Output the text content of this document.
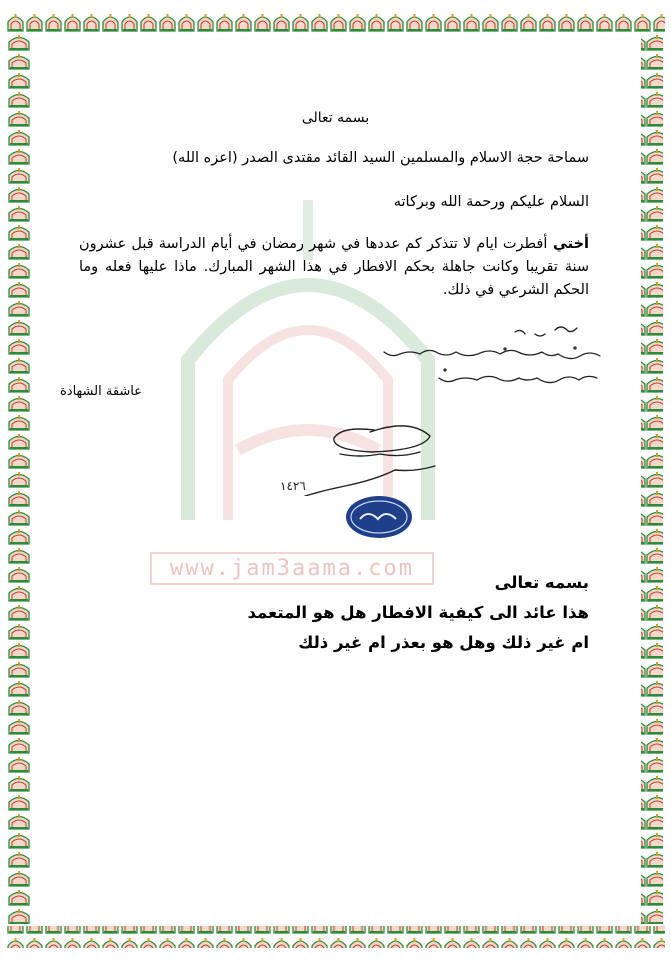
www.jam3aama.com

بسمه تعالى

سماحة حجة الاسلام والمسلمين السيد القائد مقتدى الصدر (اعزه الله)

السلام عليكم ورحمة الله وبركاته

أختي أفطرت ايام لا تتذكر كم عددها في شهر رمضان في أيام الدراسة قبل عشرون سنة تقريبا وكانت جاهلة بحكم الافطار في هذا الشهر المبارك. ماذا عليها فعله وما الحكم الشرعي في ذلك.

عاشقة الشهادة

١٤٢٦
بسمه تعالى
هذا عائد الى كيفية الافطار هل هو المتعمد
ام غير ذلك وهل هو بعذر ام غير ذلك
